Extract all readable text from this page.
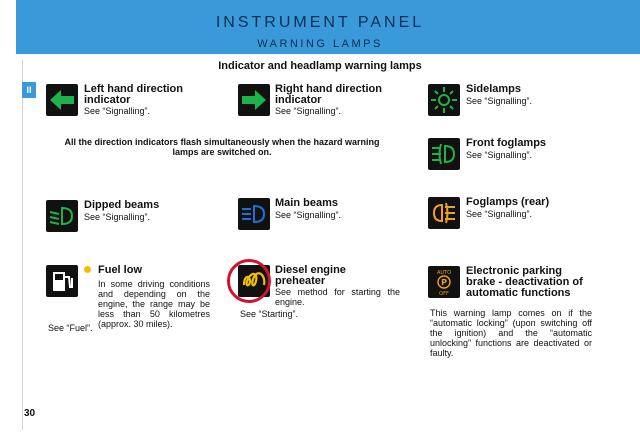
INSTRUMENT PANEL
WARNING LAMPS
II
Indicator and headlamp warning lamps
Left hand direction indicator
See “Signalling”.
Right hand direction indicator
See “Signalling”.
Sidelamps
See “Signalling”.
All the direction indicators flash simultaneously when the hazard warning lamps are switched on.
Front foglamps
See “Signalling”.
Dipped beams
See “Signalling”.
Main beams
See “Signalling”.
Foglamps (rear)
See “Signalling”.
Fuel low
In some driving conditions and depending on the engine, the range may be less than 50 kilometres (approx. 30 miles).
See “Fuel”.
Diesel engine preheater
See method for starting the engine.
See “Starting”.
AUTO
P
OFF
Electronic parking brake - deactivation of automatic functions
This warning lamp comes on if the “automatic locking” (upon switching off the ignition) and the “automatic unlocking” functions are deactivated or faulty.
30
